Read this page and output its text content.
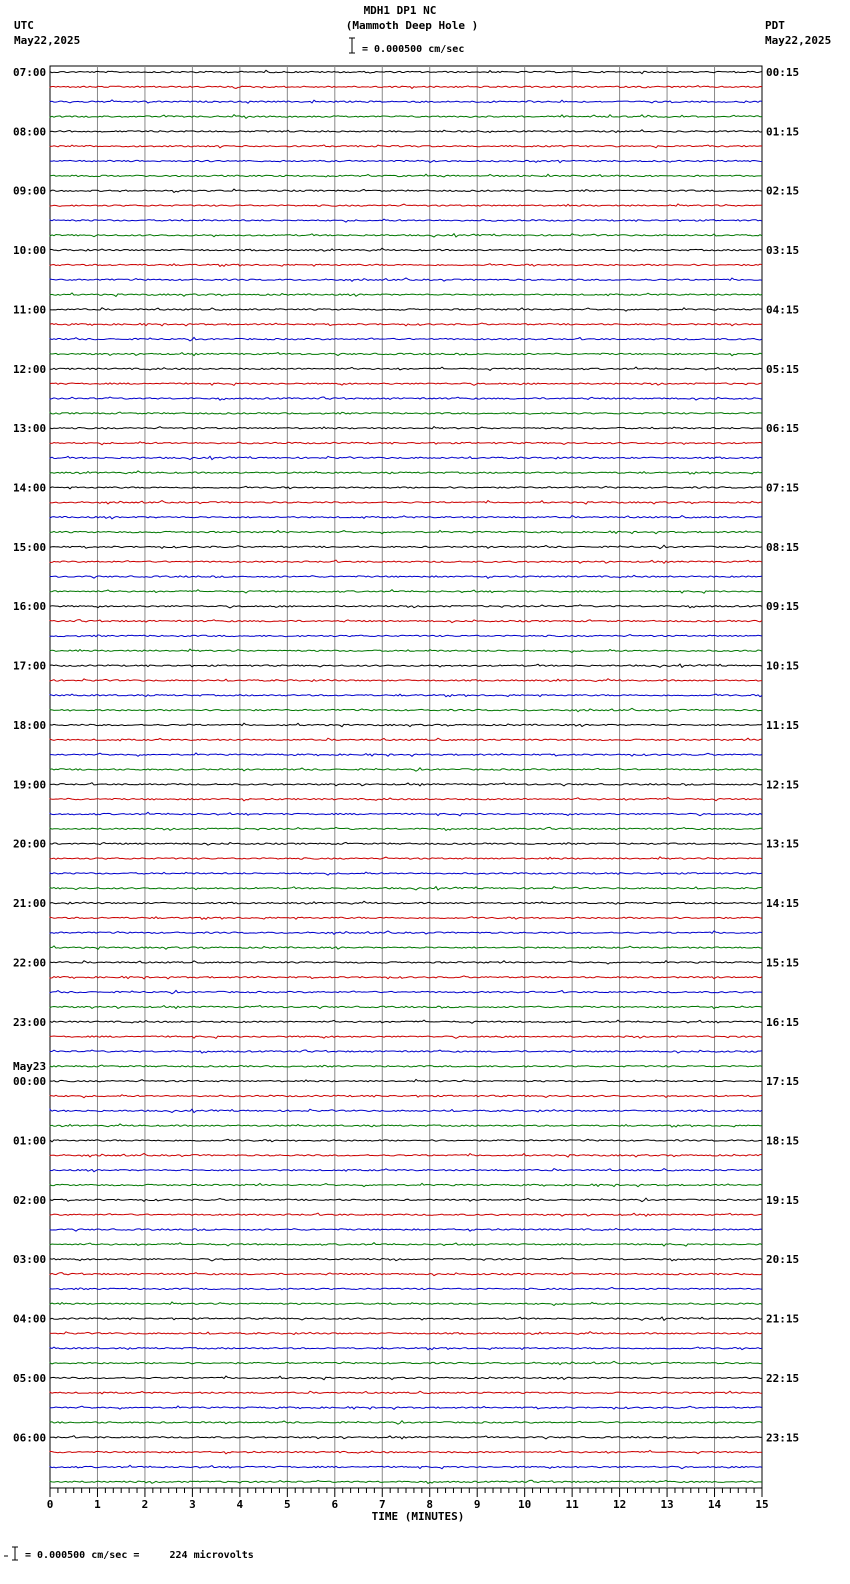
MDH1 DP1 NC
(Mammoth Deep Hole )
UTC
May22,2025
PDT
May22,2025
= 0.000500 cm/sec
= 0.000500 cm/sec =     224 microvolts
07:00
08:00
09:00
10:00
11:00
12:00
13:00
14:00
15:00
16:00
17:00
18:00
19:00
20:00
21:00
22:00
23:00
00:00
01:00
02:00
03:00
04:00
05:00
06:00
00:15
01:15
02:15
03:15
04:15
05:15
06:15
07:15
08:15
09:15
10:15
11:15
12:15
13:15
14:15
15:15
16:15
17:15
18:15
19:15
20:15
21:15
22:15
23:15
May23
0	1	2	3	4	5	6	7	8	9	10	11	12	13	14	15
TIME (MINUTES)
